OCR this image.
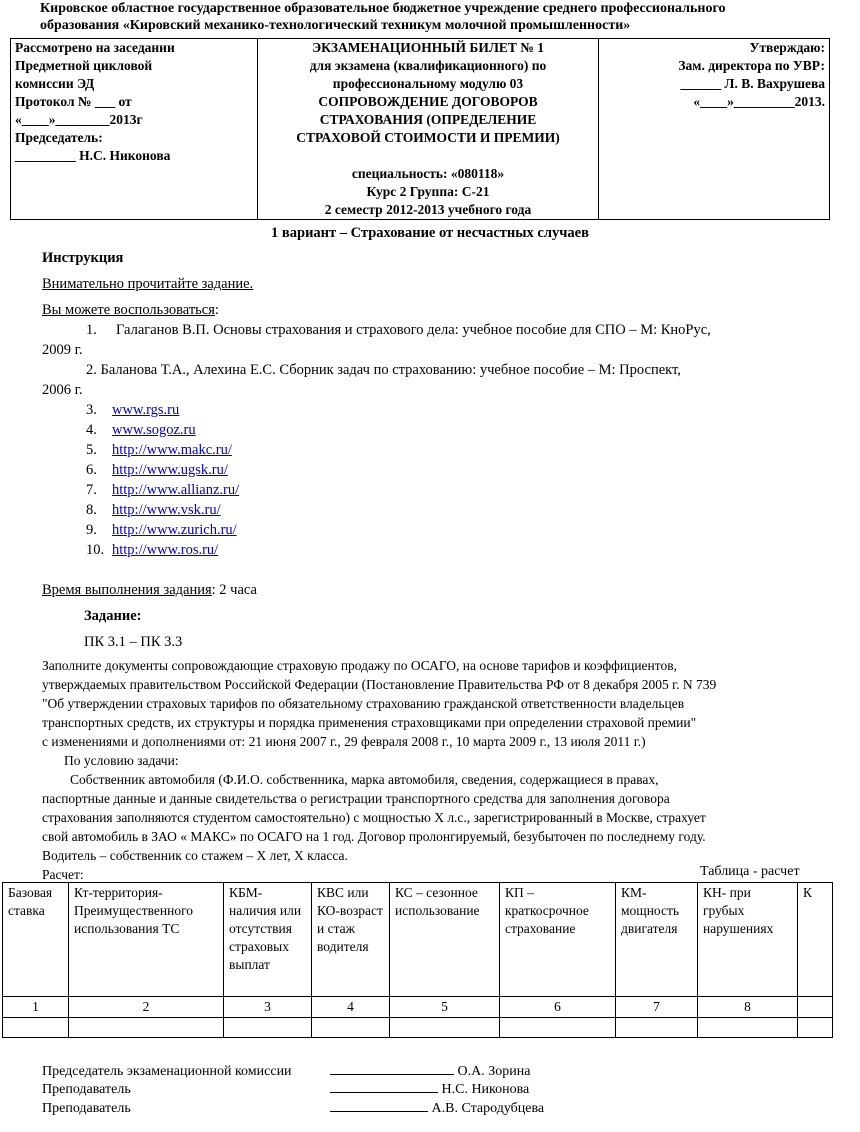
Кировское областное государственное образовательное бюджетное учреждение среднего профессионального
образования «Кировский механико-технологический техникум молочной промышленности»
Рассмотрено на заседании
Предметной цикловой
комиссии ЭД
Протокол № ___ от
«____»________2013г
Председатель:
_________ Н.С. Никонова

ЭКЗАМЕНАЦИОННЫЙ БИЛЕТ № 1
для экзамена (квалификационного) по
профессиональному модулю 03
СОПРОВОЖДЕНИЕ ДОГОВОРОВ
СТРАХОВАНИЯ (ОПРЕДЕЛЕНИЕ
СТРАХОВОЙ СТОИМОСТИ И ПРЕМИИ)
специальность: «080118»
Курс 2 Группа: С-21
2 семестр 2012-2013 учебного года

Утверждаю:
Зам. директора по УВР:
______ Л. В. Вахрушева
«____»_________2013.
1 вариант – Страхование от несчастных случаев
Инструкция
Внимательно прочитайте задание.
Вы можете воспользоваться:
1. Галаганов В.П. Основы страхования и страхового дела: учебное пособие для СПО – М: КноРус,
2009 г.
2. Баланова Т.А., Алехина Е.С. Сборник задач по страхованию: учебное пособие – М: Проспект,
2006 г.
3. www.rgs.ru
4. www.sogoz.ru
5. http://www.makc.ru/
6. http://www.ugsk.ru/
7. http://www.allianz.ru/
8. http://www.vsk.ru/
9. http://www.zurich.ru/
10. http://www.ros.ru/
Время выполнения задания: 2 часа
Задание:
ПК 3.1 – ПК 3.3
Заполните документы сопровождающие страховую продажу по ОСАГО, на основе тарифов и коэффициентов,
утверждаемых правительством Российской Федерации (Постановление Правительства РФ от 8 декабря 2005 г. N 739
"Об утверждении страховых тарифов по обязательному страхованию гражданской ответственности владельцев
транспортных средств, их структуры и порядка применения страховщиками при определении страховой премии"
с изменениями и дополнениями от: 21 июня 2007 г., 29 февраля 2008 г., 10 марта 2009 г., 13 июля 2011 г.)
По условию задачи:
Собственник автомобиля (Ф.И.О. собственника, марка автомобиля, сведения, содержащиеся в правах,
паспортные данные и данные свидетельства о регистрации транспортного средства для заполнения договора
страхования заполняются студентом самостоятельно) с мощностью Х л.с., зарегистрированный в Москве, страхует
свой автомобиль в ЗАО « МАКС» по ОСАГО на 1 год. Договор пролонгируемый, безубыточен по последнему году.
Водитель – собственник со стажем – Х лет, Х класса.
Расчет:	Таблица - расчет
Базовая ставка	Кт-территория-Преимущественного использования ТС	КБМ-наличия или отсутствия страховых выплат	КВС или КО-возраст и стаж водителя	КС – сезонное использование	КП – краткосрочное страхование	КМ-мощность двигателя	КН- при грубых нарушениях	К
1	2	3	4	5	6	7	8	

Председатель экзаменационной комиссии	О.А. Зорина
Преподаватель	Н.С. Никонова
Преподаватель	А.В. Стародубцева
